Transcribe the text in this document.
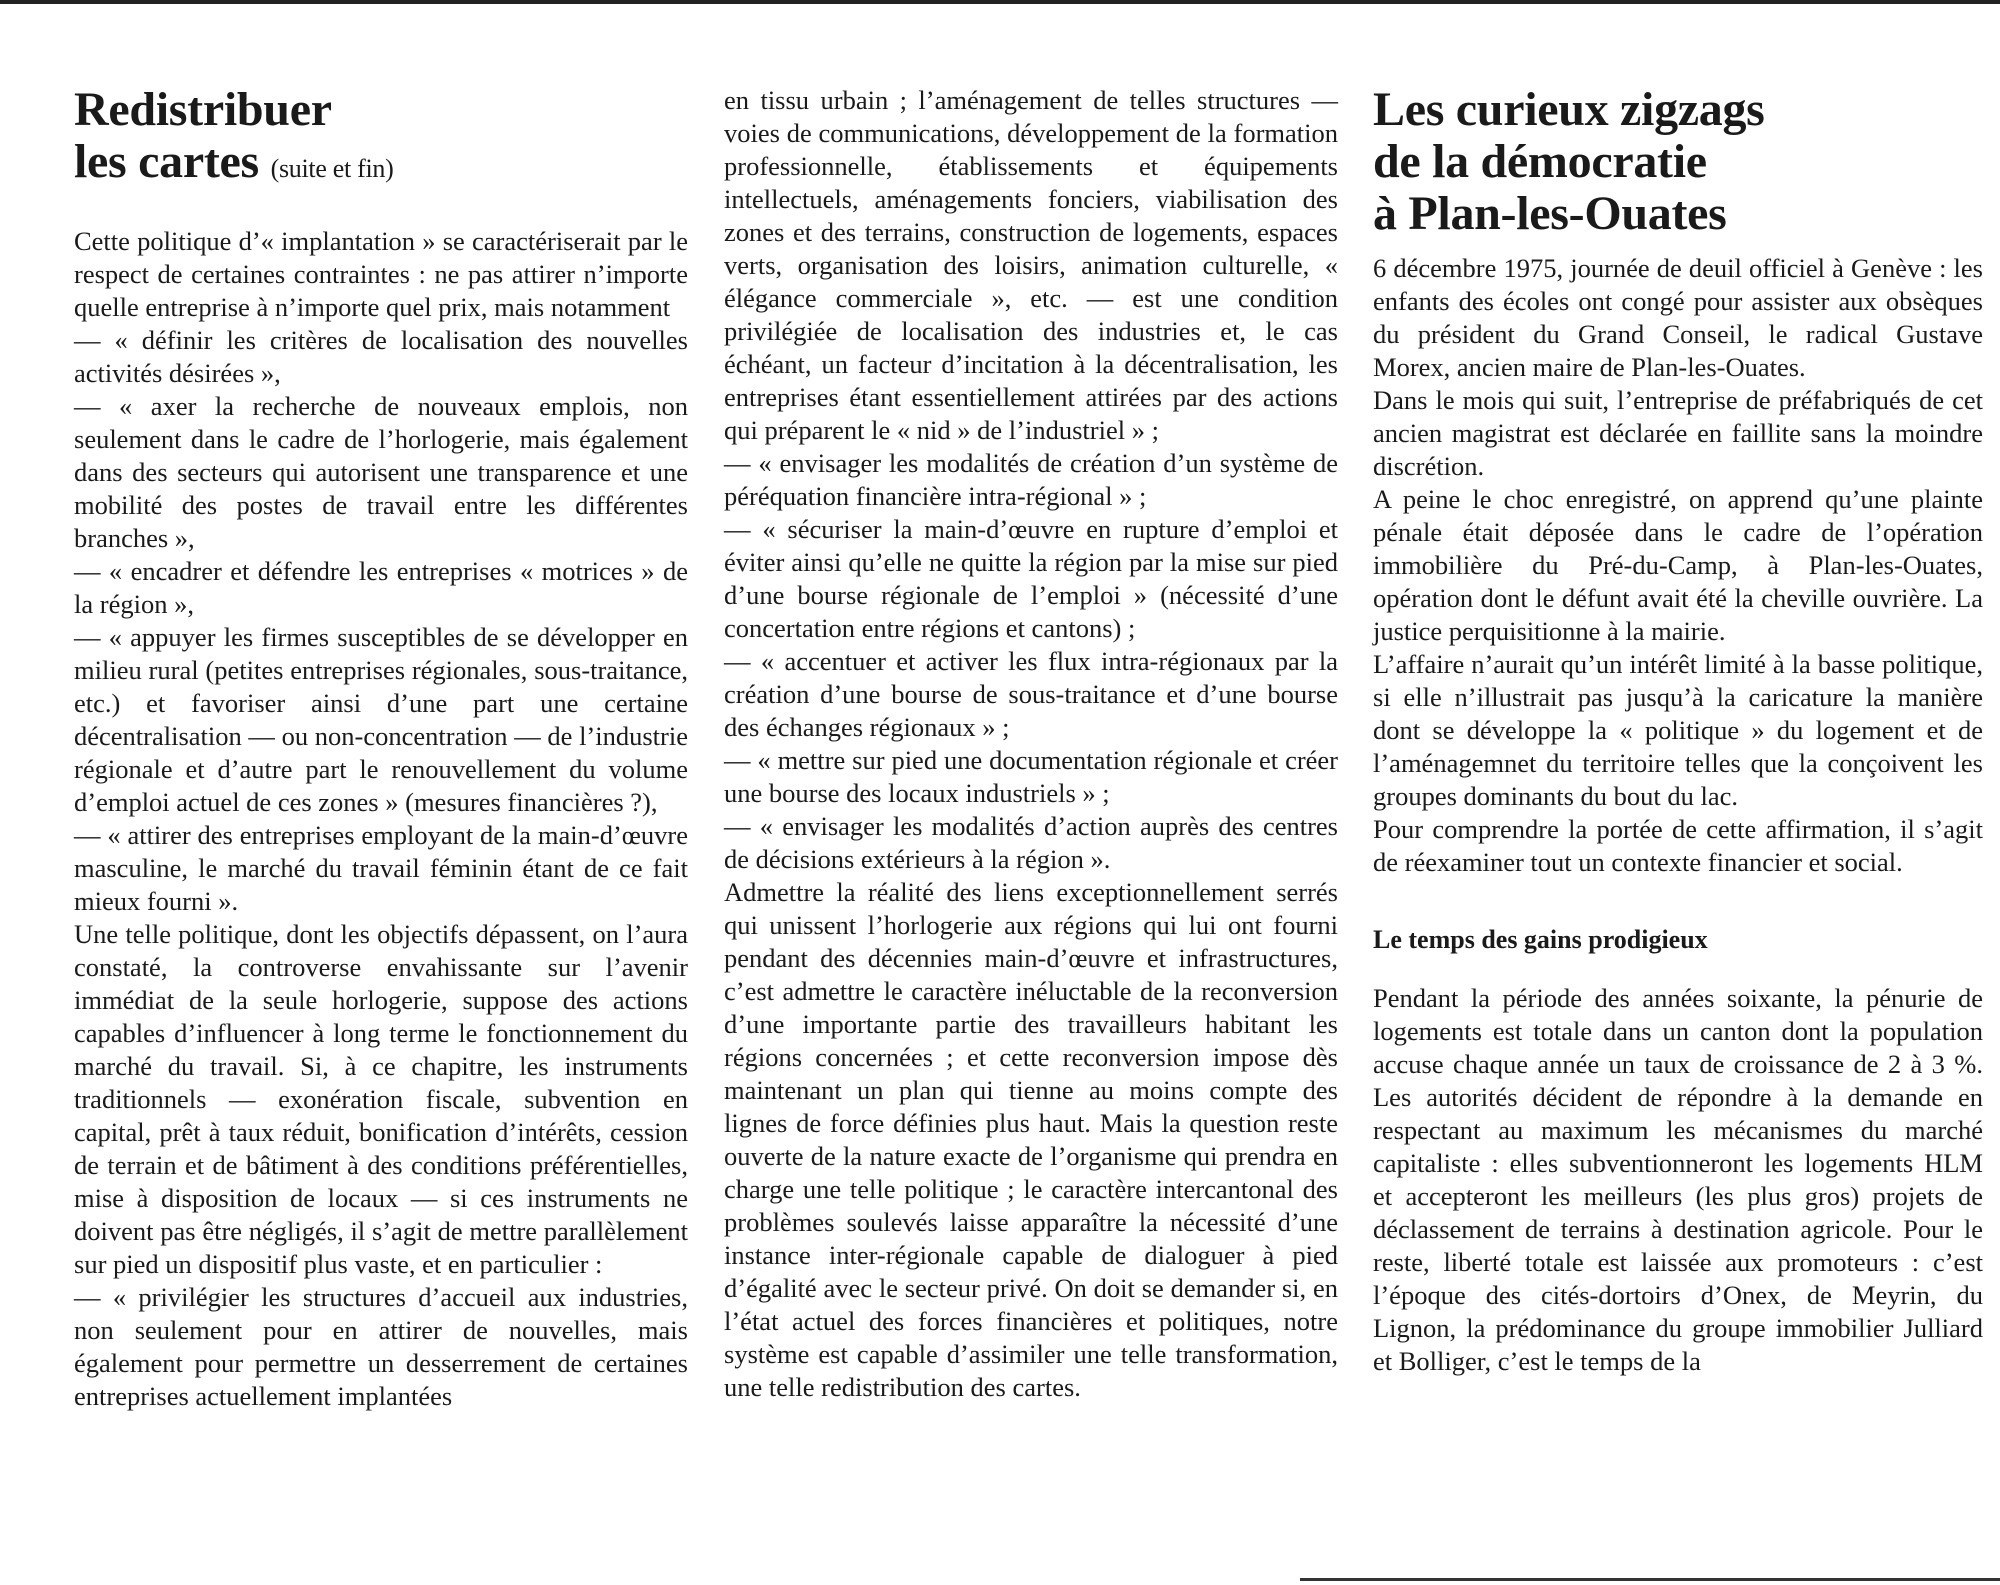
Redistribuer
les cartes (suite et fin)

Cette politique d’« implantation » se caractériserait par le respect de certaines contraintes : ne pas attirer n’importe quelle entreprise à n’importe quel prix, mais notamment

— « définir les critères de localisation des nouvelles activités désirées »,

— « axer la recherche de nouveaux emplois, non seulement dans le cadre de l’horlogerie, mais également dans des secteurs qui autorisent une transparence et une mobilité des postes de travail entre les différentes branches »,

— « encadrer et défendre les entreprises « motrices » de la région »,

— « appuyer les firmes susceptibles de se développer en milieu rural (petites entreprises régionales, sous-traitance, etc.) et favoriser ainsi d’une part une certaine décentralisation — ou non-concentration — de l’industrie régionale et d’autre part le renouvellement du volume d’emploi actuel de ces zones » (mesures financières ?),

— « attirer des entreprises employant de la main-d’œuvre masculine, le marché du travail féminin étant de ce fait mieux fourni ».

Une telle politique, dont les objectifs dépassent, on l’aura constaté, la controverse envahissante sur l’avenir immédiat de la seule horlogerie, suppose des actions capables d’influencer à long terme le fonctionnement du marché du travail. Si, à ce chapitre, les instruments traditionnels — exonération fiscale, subvention en capital, prêt à taux réduit, bonification d’intérêts, cession de terrain et de bâtiment à des conditions préférentielles, mise à disposition de locaux — si ces instruments ne doivent pas être négligés, il s’agit de mettre parallèlement sur pied un dispositif plus vaste, et en particulier :

— « privilégier les structures d’accueil aux industries, non seulement pour en attirer de nouvelles, mais également pour permettre un desserrement de certaines entreprises actuellement implantées

en tissu urbain ; l’aménagement de telles structures — voies de communications, développement de la formation professionnelle, établissements et équipements intellectuels, aménagements fonciers, viabilisation des zones et des terrains, construction de logements, espaces verts, organisation des loisirs, animation culturelle, « élégance commerciale », etc. — est une condition privilégiée de localisation des industries et, le cas échéant, un facteur d’incitation à la décentralisation, les entreprises étant essentiellement attirées par des actions qui préparent le « nid » de l’industriel » ;

— « envisager les modalités de création d’un système de péréquation financière intra-régional » ;

— « sécuriser la main-d’œuvre en rupture d’emploi et éviter ainsi qu’elle ne quitte la région par la mise sur pied d’une bourse régionale de l’emploi » (nécessité d’une concertation entre régions et cantons) ;

— « accentuer et activer les flux intra-régionaux par la création d’une bourse de sous-traitance et d’une bourse des échanges régionaux » ;

— « mettre sur pied une documentation régionale et créer une bourse des locaux industriels » ;

— « envisager les modalités d’action auprès des centres de décisions extérieurs à la région ».

Admettre la réalité des liens exceptionnellement serrés qui unissent l’horlogerie aux régions qui lui ont fourni pendant des décennies main-d’œuvre et infrastructures, c’est admettre le caractère inéluctable de la reconversion d’une importante partie des travailleurs habitant les régions concernées ; et cette reconversion impose dès maintenant un plan qui tienne au moins compte des lignes de force définies plus haut. Mais la question reste ouverte de la nature exacte de l’organisme qui prendra en charge une telle politique ; le caractère intercantonal des problèmes soulevés laisse apparaître la nécessité d’une instance inter-régionale capable de dialoguer à pied d’égalité avec le secteur privé. On doit se demander si, en l’état actuel des forces financières et politiques, notre système est capable d’assimiler une telle transformation, une telle redistribution des cartes.

Les curieux zigzags
de la démocratie
à Plan-les-Ouates

6 décembre 1975, journée de deuil officiel à Genève : les enfants des écoles ont congé pour assister aux obsèques du président du Grand Conseil, le radical Gustave Morex, ancien maire de Plan-les-Ouates.

Dans le mois qui suit, l’entreprise de préfabriqués de cet ancien magistrat est déclarée en faillite sans la moindre discrétion.

A peine le choc enregistré, on apprend qu’une plainte pénale était déposée dans le cadre de l’opération immobilière du Pré-du-Camp, à Plan-les-Ouates, opération dont le défunt avait été la cheville ouvrière. La justice perquisitionne à la mairie.

L’affaire n’aurait qu’un intérêt limité à la basse politique, si elle n’illustrait pas jusqu’à la caricature la manière dont se développe la « politique » du logement et de l’aménagemnet du territoire telles que la conçoivent les groupes dominants du bout du lac.

Pour comprendre la portée de cette affirmation, il s’agit de réexaminer tout un contexte financier et social.

Le temps des gains prodigieux

Pendant la période des années soixante, la pénurie de logements est totale dans un canton dont la population accuse chaque année un taux de croissance de 2 à 3 %. Les autorités décident de répondre à la demande en respectant au maximum les mécanismes du marché capitaliste : elles subventionneront les logements HLM et accepteront les meilleurs (les plus gros) projets de déclassement de terrains à destination agricole. Pour le reste, liberté totale est laissée aux promoteurs : c’est l’époque des cités-dortoirs d’Onex, de Meyrin, du Lignon, la prédominance du groupe immobilier Julliard et Bolliger, c’est le temps de la
